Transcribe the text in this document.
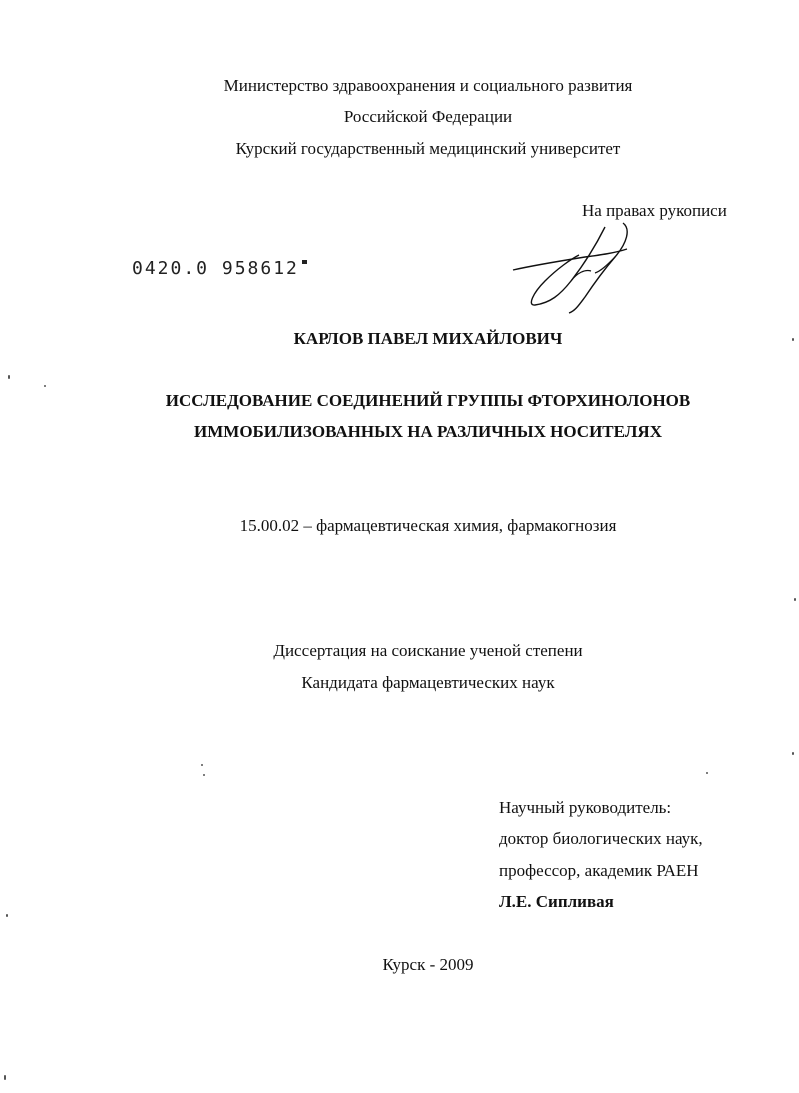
Министерство здравоохранения и социального развития
Российской Федерации
Курский государственный медицинский университет
На правах рукописи
0420.0 958612
КАРЛОВ ПАВЕЛ МИХАЙЛОВИЧ
ИССЛЕДОВАНИЕ СОЕДИНЕНИЙ ГРУППЫ ФТОРХИНОЛОНОВ
ИММОБИЛИЗОВАННЫХ НА РАЗЛИЧНЫХ НОСИТЕЛЯХ
15.00.02 – фармацевтическая химия, фармакогнозия
Диссертация на соискание ученой степени
Кандидата фармацевтических наук
Научный руководитель:
доктор биологических наук,
профессор, академик РАЕН
Л.Е. Сипливая
Курск - 2009
